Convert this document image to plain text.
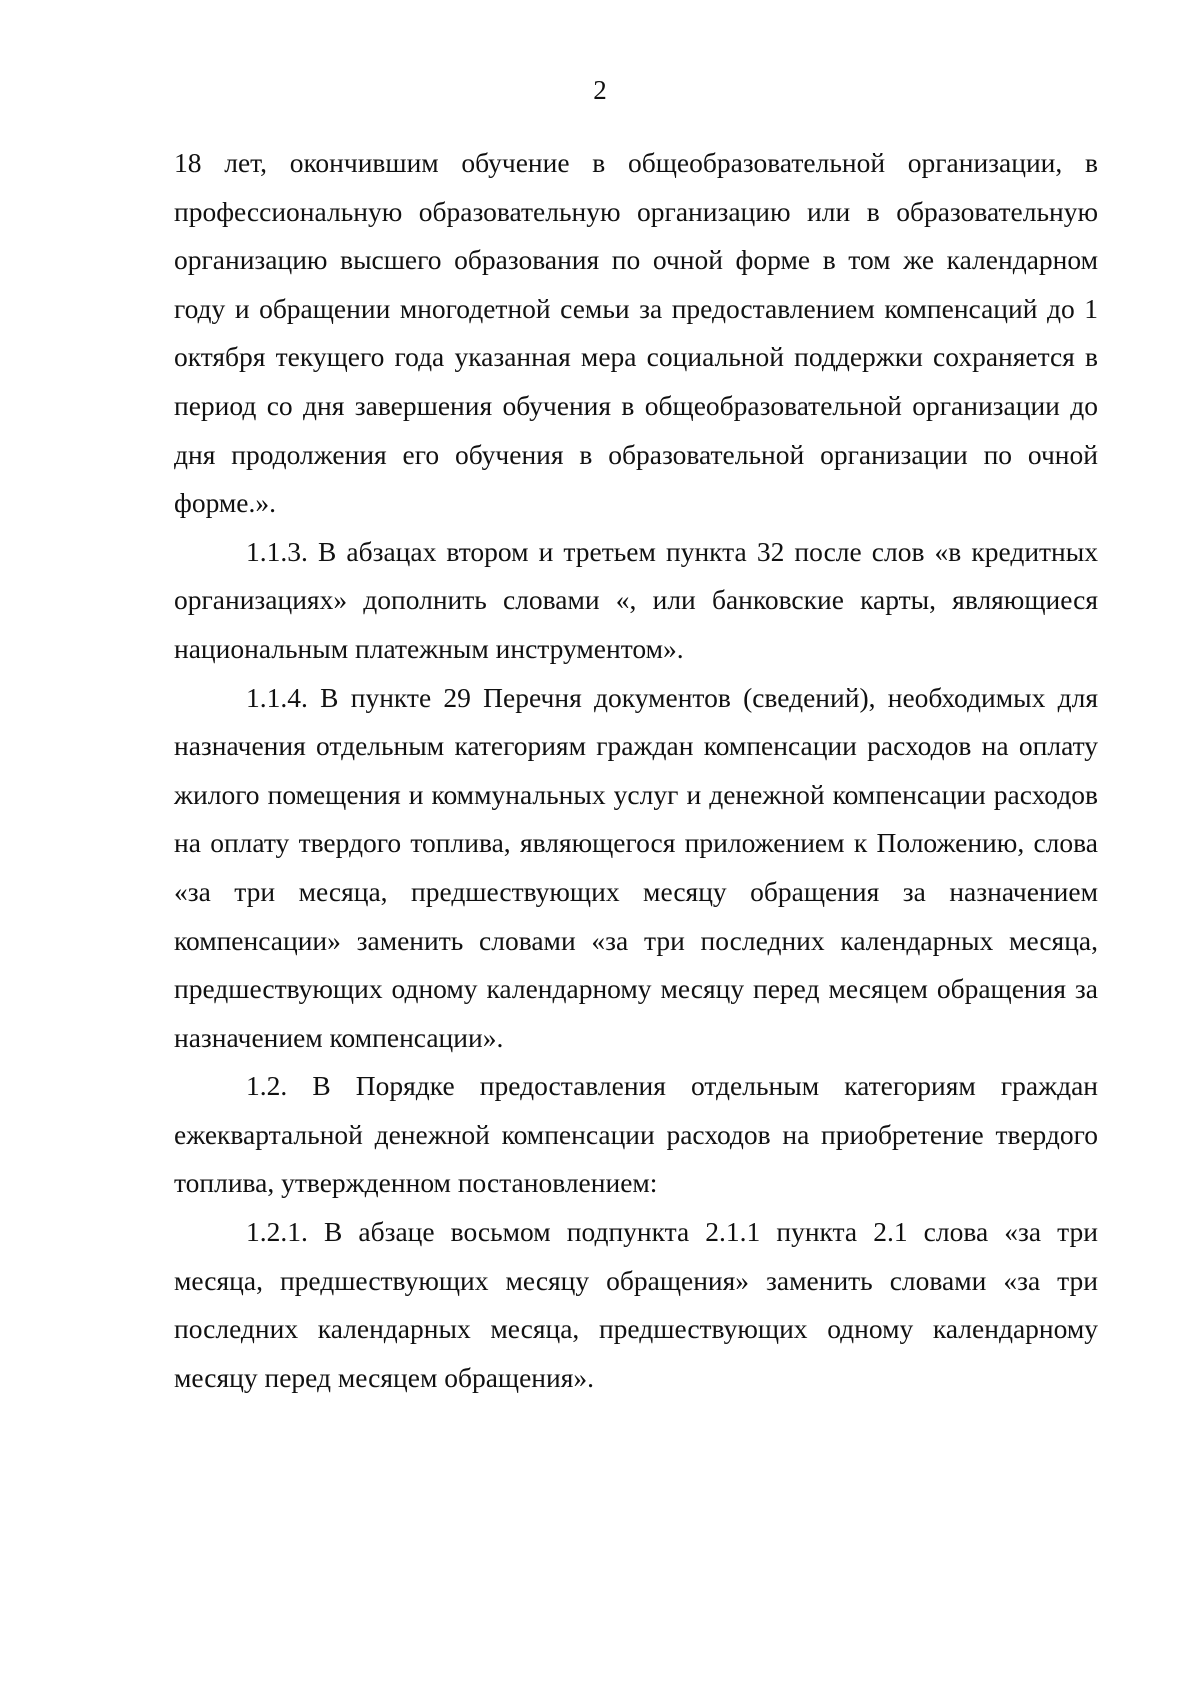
2

18 лет, окончившим обучение в общеобразовательной организации, в профессиональную образовательную организацию или в образовательную организацию высшего образования по очной форме в том же календарном году и обращении многодетной семьи за предоставлением компенсаций до 1 октября текущего года указанная мера социальной поддержки сохраняется в период со дня завершения обучения в общеобразовательной организации до дня продолжения его обучения в образовательной организации по очной форме.».

1.1.3. В абзацах втором и третьем пункта 32 после слов «в кредитных организациях» дополнить словами «, или банковские карты, являющиеся национальным платежным инструментом».

1.1.4. В пункте 29 Перечня документов (сведений), необходимых для назначения отдельным категориям граждан компенсации расходов на оплату жилого помещения и коммунальных услуг и денежной компенсации расходов на оплату твердого топлива, являющегося приложением к Положению, слова «за три месяца, предшествующих месяцу обращения за назначением компенсации» заменить словами «за три последних календарных месяца, предшествующих одному календарному месяцу перед месяцем обращения за назначением компенсации».

1.2. В Порядке предоставления отдельным категориям граждан ежеквартальной денежной компенсации расходов на приобретение твердого топлива, утвержденном постановлением:

1.2.1. В абзаце восьмом подпункта 2.1.1 пункта 2.1 слова «за три месяца, предшествующих месяцу обращения» заменить словами «за три последних календарных месяца, предшествующих одному календарному месяцу перед месяцем обращения».
